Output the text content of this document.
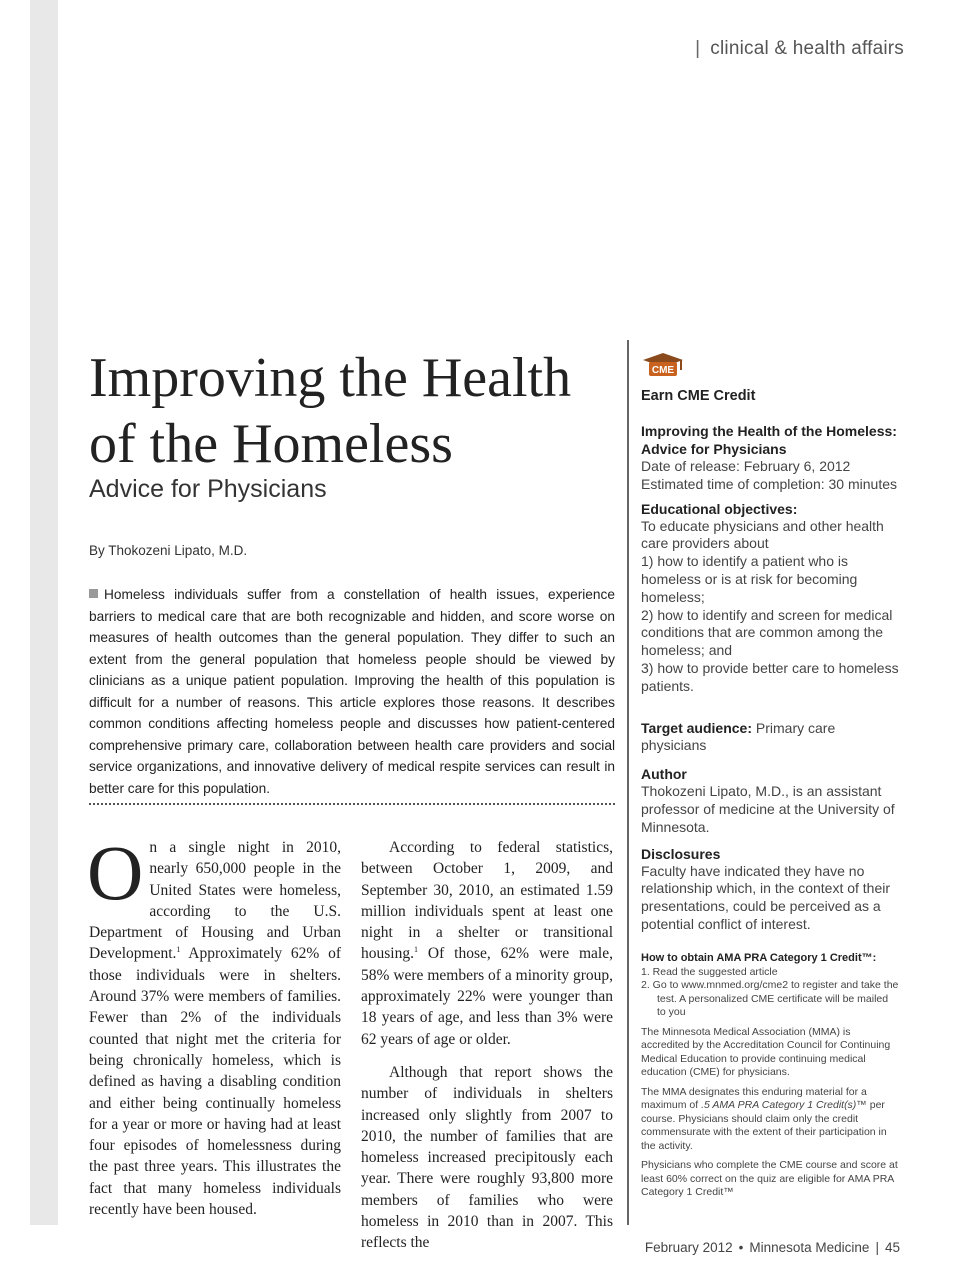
| clinical & health affairs
Improving the Health
of the Homeless
Advice for Physicians
By Thokozeni Lipato, M.D.

Homeless individuals suffer from a constellation of health issues, experience barriers to medical care that are both recognizable and hidden, and score worse on measures of health outcomes than the general population. They differ to such an extent from the general population that homeless people should be viewed by clinicians as a unique patient population. Improving the health of this population is difficult for a number of reasons. This article explores those reasons. It describes common conditions affecting homeless people and discusses how patient-centered comprehensive primary care, collaboration between health care providers and social service organizations, and innovative delivery of medical respite services can result in better care for this population.

On a single night in 2010, nearly 650,000 people in the United States were homeless, according to the U.S. Department of Housing and Urban Development.$^1$ Approximately 62% of those individuals were in shelters. Around 37% were members of families. Fewer than 2% of the individuals counted that night met the criteria for being chronically homeless, which is defined as having a disabling condition and either being continually homeless for a year or more or having had at least four episodes of homelessness during the past three years. This illustrates the fact that many homeless individuals recently have been housed.

According to federal statistics, between October 1, 2009, and September 30, 2010, an estimated 1.59 million individuals spent at least one night in a shelter or transitional housing.$^1$ Of those, 62% were male, 58% were members of a minority group, approximately 22% were younger than 18 years of age, and less than 3% were 62 years of age or older.

Although that report shows the number of individuals in shelters increased only slightly from 2007 to 2010, the number of families that are homeless increased precipitously each year. There were roughly 93,800 more members of families who were homeless in 2010 than in 2007. This reflects the

CME
Earn CME Credit

Improving the Health of the Homeless: Advice for Physicians

Date of release: February 6, 2012

Estimated time of completion: 30 minutes

Educational objectives:

To educate physicians and other health care providers about

1) how to identify a patient who is homeless or is at risk for becoming homeless;

2) how to identify and screen for medical conditions that are common among the homeless; and

3) how to provide better care to homeless patients.

Target audience: Primary care physicians

Author

Thokozeni Lipato, M.D., is an assistant professor of medicine at the University of Minnesota.

Disclosures

Faculty have indicated they have no relationship which, in the context of their presentations, could be perceived as a potential conflict of interest.

How to obtain AMA PRA Category 1 Credit™:
1. Read the suggested article
2. Go to www.mnmed.org/cme2 to register and take the test. A personalized CME certificate will be mailed to you

The Minnesota Medical Association (MMA) is accredited by the Accreditation Council for Continuing Medical Education to provide continuing medical education (CME) for physicians.

The MMA designates this enduring material for a maximum of .5 AMA PRA Category 1 Credit(s)™ per course. Physicians should claim only the credit commensurate with the extent of their participation in the activity.

Physicians who complete the CME course and score at least 60% correct on the quiz are eligible for AMA PRA Category 1 Credit™

February 2012 • Minnesota Medicine | 45
